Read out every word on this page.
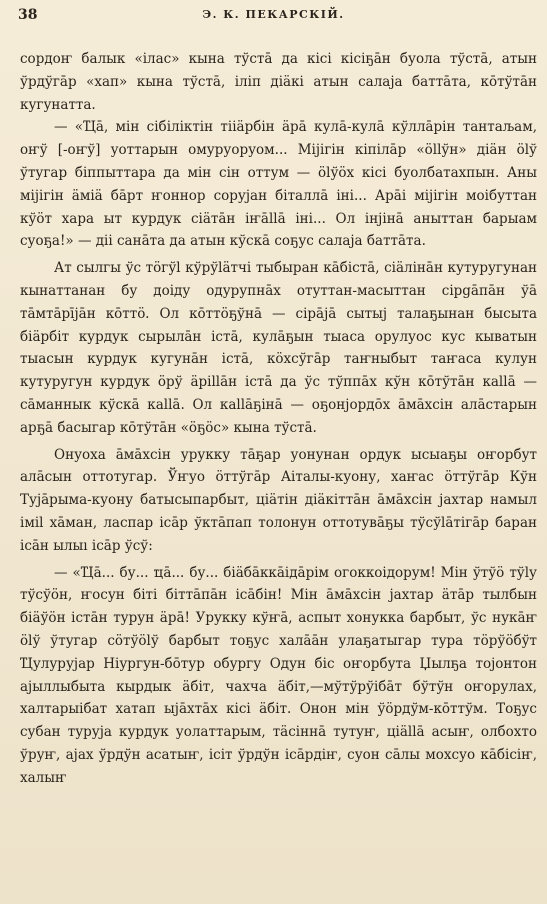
38	Э. К. ПЕКАРСКІЙ.

сордоҥ балык «ілас» кына тўстā да кісі кісіҕāн буола тўстā, атын ўрдўгāр «хап» кына тўстā, іліп діäкі атын салаја баттāта, кōтўтāн кугунатта.

— «Ҵā, мін сібіліктін тііäрбін äрā кулā-кулā кўллāрін тантаљам, оҥў [-оҥў] уоттарын омуруоруом... Міјігін кіпілāр «öllўн» діäн ölў ўтугар біппыттара да мін сін оттум — ölўöх кісі буолбатахпын. Аны міјігін äміä бāрт ҥоннор сорујан біталлā іні... Арāі міјігін моібуттан кўöт хара ыт курдук сіäтāн іҥāllā іні... Ол інјінā аныттан барыам суоҕа!» — діі санāта да атын кўскā соҕус салаја баттāта.

Ат сылгы ўс тöгўl кўрўläтчі тыбыран кāбістā, сіäлінāн кутуругунан кынаттанан бу доіду одурупнāх отуттан-масыттан сірgāпāн ўā тāмтāрīјāн кōттö. Ол кōттöҕўнā — сірāјā сытыј талаҕынан бысыта біäрбіт курдук сырылāн істā, кулāҕын тыаса орулуос кус кыватын тыасын курдук кугунāн істā, кöхсўгāр таҥныбыт таҥаса кулун кутуругун курдук öрў äріllāн істā да ўс тўппāх кўн кōтўтāн каllā — сāманнык кўскā каllā. Ол каllāҕінā — оҕонјордōх āмāхсін алāстарын арҕā басыгар кōтўтāн «öҕöс» кына тўстā.

Онуоха āмāхсін урукку тāҕар уонунан ордук ысыаҕы оҥорбут алāсын оттотугар. Ўҥуо öттўгāр Аіталы-куону, хаҥас öттўгāр Кўн Тујāрыма-куону батысыпарбыт, ціäтін діäкіттāн āмāхсін јахтар намыл іміl хāман, ласпар ісāр ўктāпап толонун оттотувāҕы тўсўlāтігāр баран ісāн ылыı ісāр ўсў:

— «Ҵā... бу... ҵā... бу... біäбāккāідāрім огоккоідорум! Мін ўтўö тўlу тўсўöн, ҥосун біті біттāпāн ісāбін! Мін āмāхсін јахтар äтāр тылбын біäўöн істāн турун äрā! Урукку кўҥā, аспыт хонукка барбыт, ўс нукāҥ ölў ўтугар сöтўölў барбыт тоҕус халāāн улаҕатыгар тура тöрўöбўт Ҵулуруjар Ніургун-бōтур обургу Одун біс оҥорбута Џылҕа тојонтон ајыллыбыта кырдык äбіт, чахча äбіт,—мўтўрўібāт бўтўн оҥорулах, халтарыібат хатап ыјāхтāх кісі äбіт. Онон мін ўöрдўм-кōттўм. Тоҕус субан туруја курдук уолаттарым, тäсіннā тутуҥ, ціällā асыҥ, олбохто ўруҥ, аjах ўрдўн асатыҥ, ісіт ўрдўн ісāрдіҥ, суон сāлы мохсуо кāбісіҥ, халыҥ
